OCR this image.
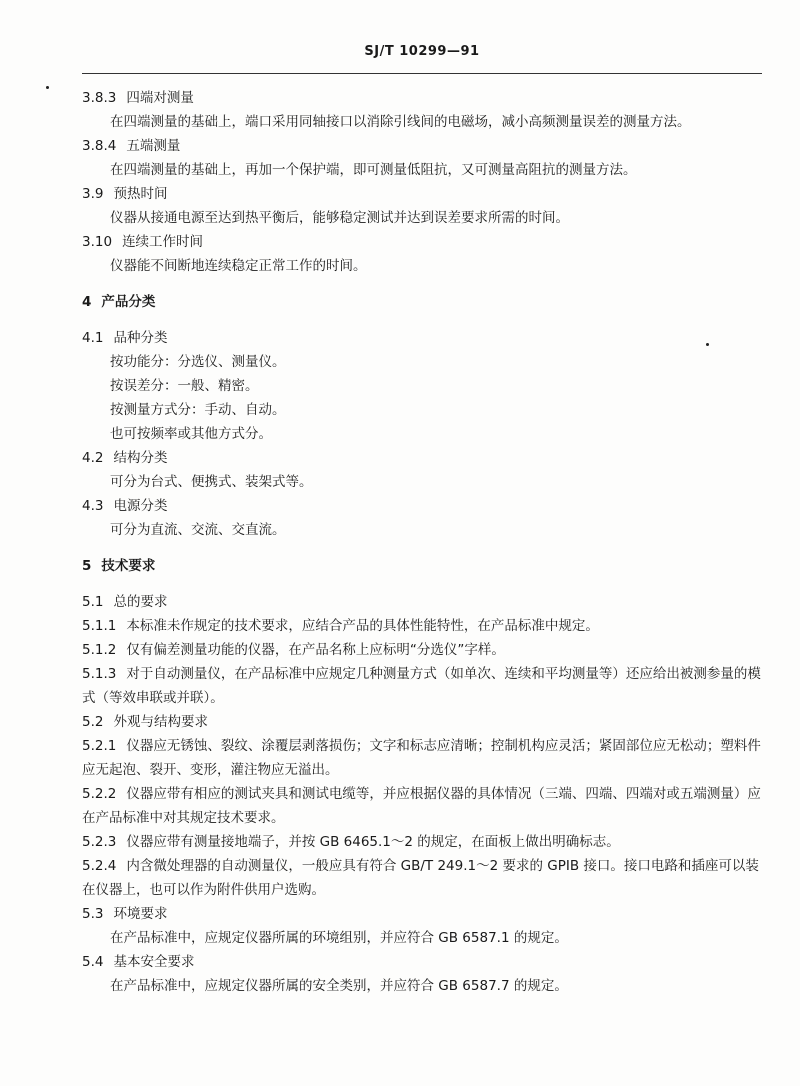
SJ/T 10299—91
3.8.3 四端对测量
在四端测量的基础上，端口采用同轴接口以消除引线间的电磁场，减小高频测量误差的测量方法。
3.8.4 五端测量
在四端测量的基础上，再加一个保护端，即可测量低阻抗，又可测量高阻抗的测量方法。
3.9 预热时间
仪器从接通电源至达到热平衡后，能够稳定测试并达到误差要求所需的时间。
3.10 连续工作时间
仪器能不间断地连续稳定正常工作的时间。
4 产品分类
4.1 品种分类
按功能分：分选仪、测量仪。
按误差分：一般、精密。
按测量方式分：手动、自动。
也可按频率或其他方式分。
4.2 结构分类
可分为台式、便携式、装架式等。
4.3 电源分类
可分为直流、交流、交直流。
5 技术要求
5.1 总的要求
5.1.1 本标准未作规定的技术要求，应结合产品的具体性能特性，在产品标准中规定。
5.1.2 仅有偏差测量功能的仪器，在产品名称上应标明“分选仪”字样。
5.1.3 对于自动测量仪，在产品标准中应规定几种测量方式（如单次、连续和平均测量等）还应给出被测参量的模式（等效串联或并联）。
5.2 外观与结构要求
5.2.1 仪器应无锈蚀、裂纹、涂覆层剥落损伤；文字和标志应清晰；控制机构应灵活；紧固部位应无松动；塑料件应无起泡、裂开、变形，灌注物应无溢出。
5.2.2 仪器应带有相应的测试夹具和测试电缆等，并应根据仪器的具体情况（三端、四端、四端对或五端测量）应在产品标准中对其规定技术要求。
5.2.3 仪器应带有测量接地端子，并按 GB 6465.1～2 的规定，在面板上做出明确标志。
5.2.4 内含微处理器的自动测量仪，一般应具有符合 GB/T 249.1～2 要求的 GPIB 接口。接口电路和插座可以装在仪器上，也可以作为附件供用户选购。
5.3 环境要求
在产品标准中，应规定仪器所属的环境组别，并应符合 GB 6587.1 的规定。
5.4 基本安全要求
在产品标准中，应规定仪器所属的安全类别，并应符合 GB 6587.7 的规定。
